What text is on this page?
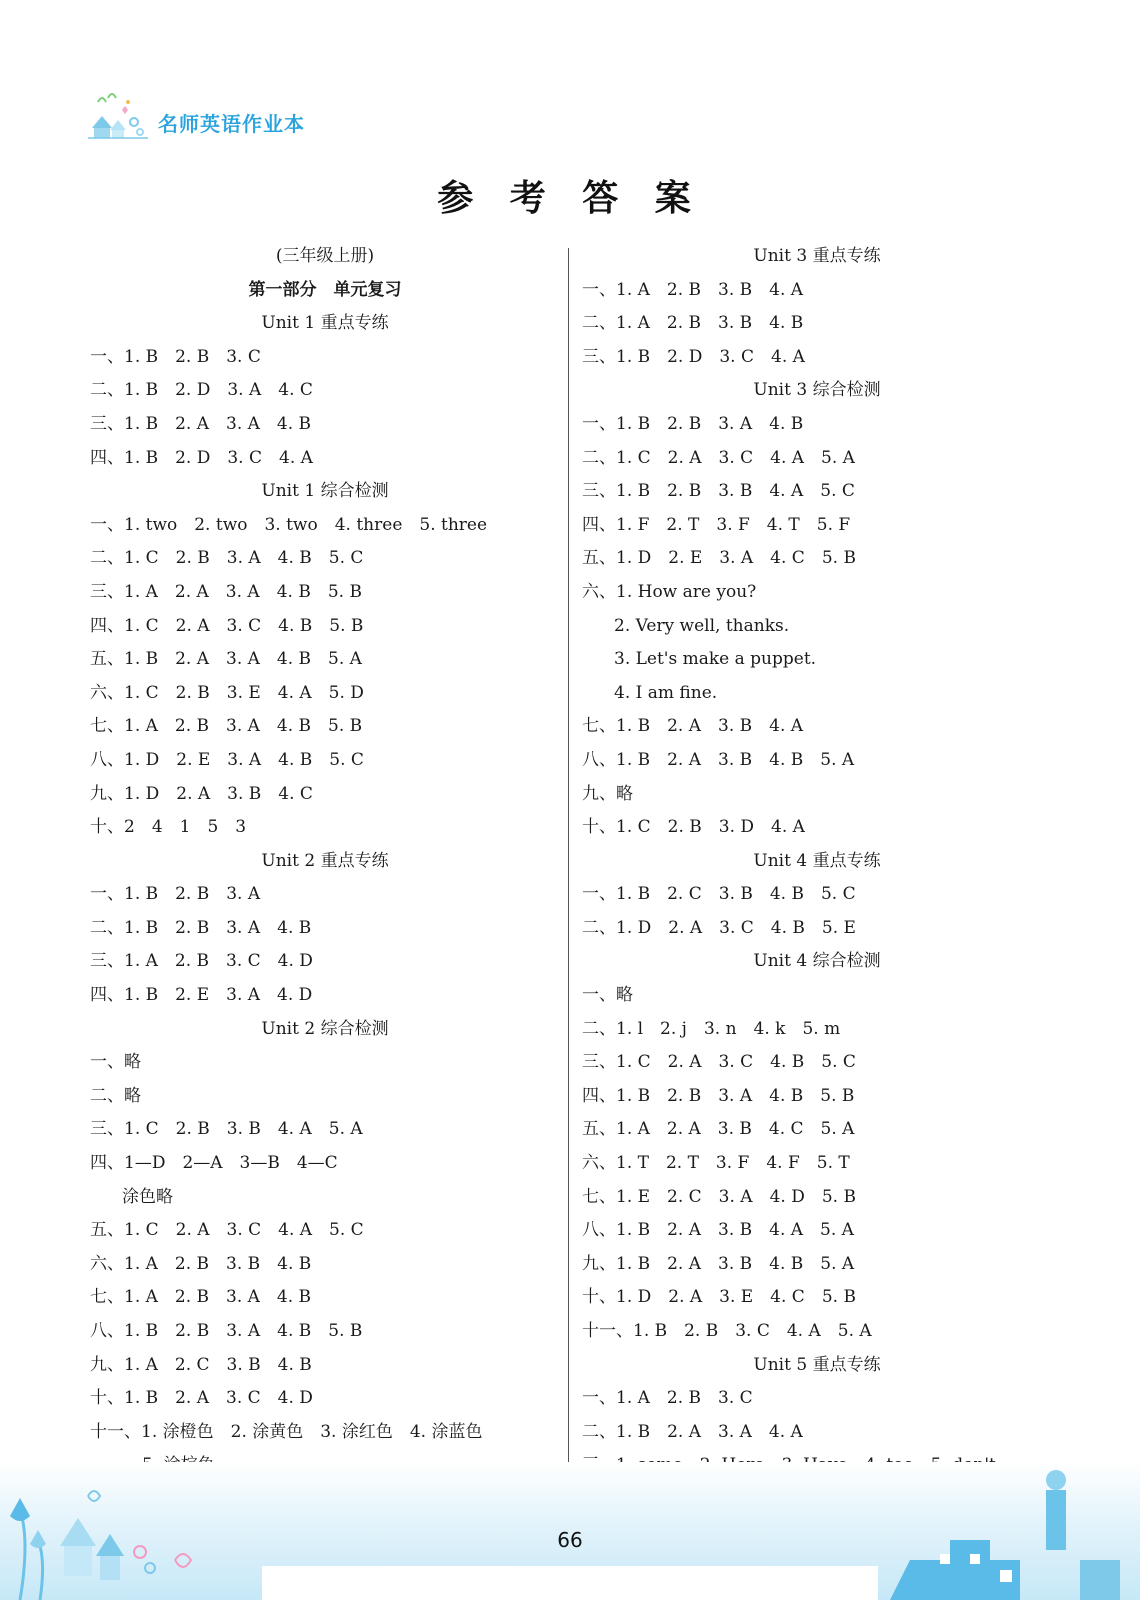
名师英语作业本
参 考 答 案
(三年级上册)
第一部分　单元复习
Unit 1 重点专练
一、1. B　2. B　3. C
二、1. B　2. D　3. A　4. C
三、1. B　2. A　3. A　4. B
四、1. B　2. D　3. C　4. A
Unit 1 综合检测
一、1. two　2. two　3. two　4. three　5. three
二、1. C　2. B　3. A　4. B　5. C
三、1. A　2. A　3. A　4. B　5. B
四、1. C　2. A　3. C　4. B　5. B
五、1. B　2. A　3. A　4. B　5. A
六、1. C　2. B　3. E　4. A　5. D
七、1. A　2. B　3. A　4. B　5. B
八、1. D　2. E　3. A　4. B　5. C
九、1. D　2. A　3. B　4. C
十、2　4　1　5　3
Unit 2 重点专练
一、1. B　2. B　3. A
二、1. B　2. B　3. A　4. B
三、1. A　2. B　3. C　4. D
四、1. B　2. E　3. A　4. D
Unit 2 综合检测
一、略
二、略
三、1. C　2. B　3. B　4. A　5. A
四、1—D　2—A　3—B　4—C
涂色略
五、1. C　2. A　3. C　4. A　5. C
六、1. A　2. B　3. B　4. B
七、1. A　2. B　3. A　4. B
八、1. B　2. B　3. A　4. B　5. B
九、1. A　2. C　3. B　4. B
十、1. B　2. A　3. C　4. D
十一、1. 涂橙色　2. 涂黄色　3. 涂红色　4. 涂蓝色
Unit 3 重点专练
一、1. A　2. B　3. B　4. A
二、1. A　2. B　3. B　4. B
三、1. B　2. D　3. C　4. A
Unit 3 综合检测
一、1. B　2. B　3. A　4. B
二、1. C　2. A　3. C　4. A　5. A
三、1. B　2. B　3. B　4. A　5. C
四、1. F　2. T　3. F　4. T　5. F
五、1. D　2. E　3. A　4. C　5. B
六、1. How are you?
2. Very well, thanks.
3. Let's make a puppet.
4. I am fine.
七、1. B　2. A　3. B　4. A
八、1. B　2. A　3. B　4. B　5. A
九、略
十、1. C　2. B　3. D　4. A
Unit 4 重点专练
一、1. B　2. C　3. B　4. B　5. C
二、1. D　2. A　3. C　4. B　5. E
Unit 4 综合检测
一、略
二、1. l　2. j　3. n　4. k　5. m
三、1. C　2. A　3. C　4. B　5. C
四、1. B　2. B　3. A　4. B　5. B
五、1. A　2. A　3. B　4. C　5. A
六、1. T　2. T　3. F　4. F　5. T
七、1. E　2. C　3. A　4. D　5. B
八、1. B　2. A　3. B　4. A　5. A
九、1. B　2. A　3. B　4. B　5. A
十、1. D　2. A　3. E　4. C　5. B
十一、1. B　2. B　3. C　4. A　5. A
Unit 5 重点专练
一、1. A　2. B　3. C
二、1. B　2. A　3. A　4. A
66
